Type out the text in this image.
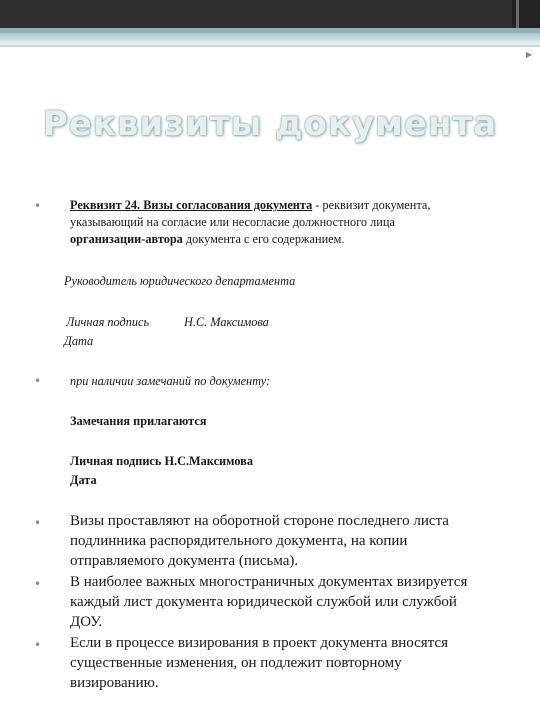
▶
Реквизиты документа
• Реквизит 24. Визы согласования документа - реквизит документа,
указывающий на согласие или несогласие должностного лица
организации-автора документа с его содержанием.
Руководитель юридического департамента
Личная подпись	Н.С. Максимова
Дата
• при наличии замечаний по документу:
Замечания прилагаются
Личная подпись Н.С.Максимова
Дата
• Визы проставляют на оборотной стороне последнего листа
подлинника распорядительного документа, на копии
отправляемого документа (письма).
• В наиболее важных многостраничных документах визируется
каждый лист документа юридической службой или службой
ДОУ.
• Если в процессе визирования в проект документа вносятся
существенные изменения, он подлежит повторному
визированию.
